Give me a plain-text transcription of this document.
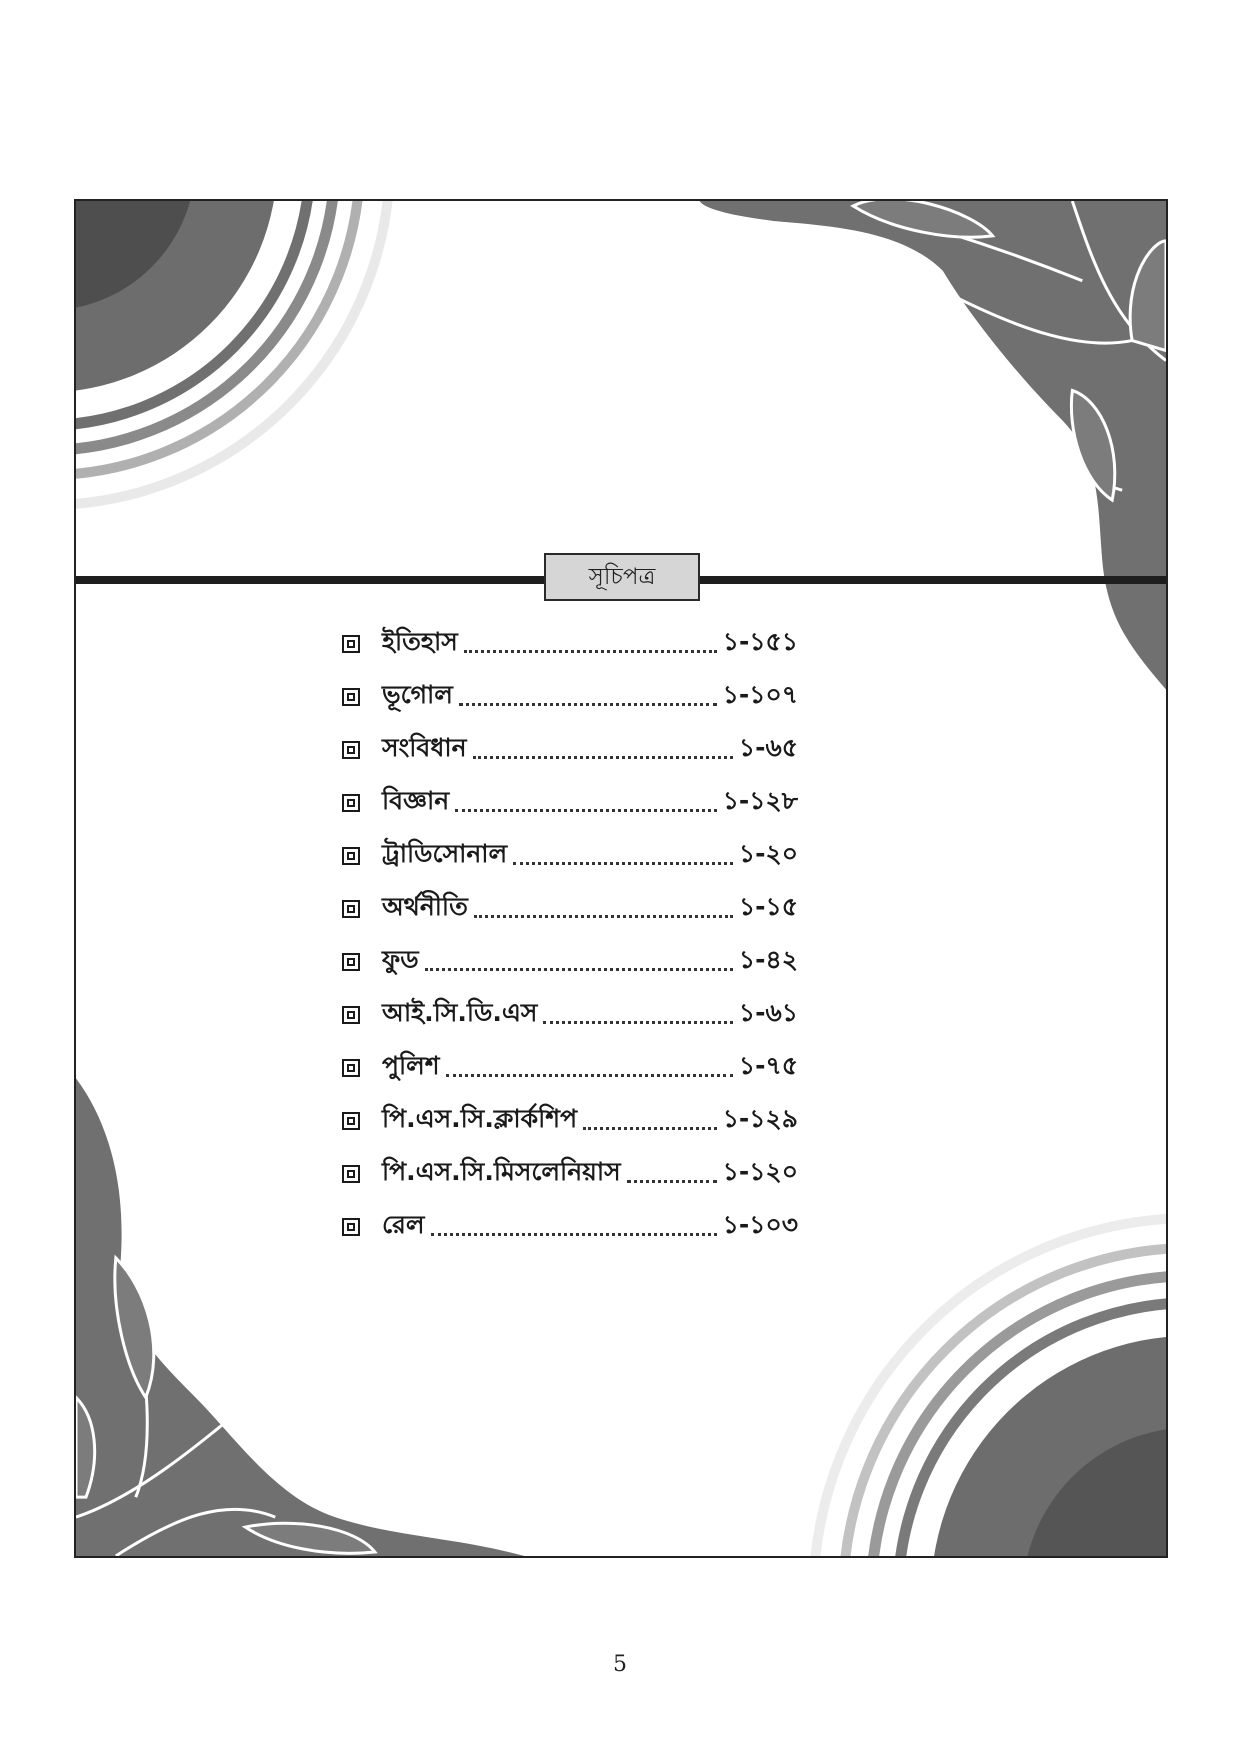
সূচিপত্র
ইতিহাস	১-১৫১
ভূগোল	১-১০৭
সংবিধান	১-৬৫
বিজ্ঞান	১-১২৮
ট্রাডিসোনাল	১-২০
অর্থনীতি	১-১৫
ফুড	১-৪২
আই.সি.ডি.এস	১-৬১
পুলিশ	১-৭৫
পি.এস.সি.ক্লার্কশিপ	১-১২৯
পি.এস.সি.মিসলেনিয়াস	১-১২০
রেল	১-১০৩
5
